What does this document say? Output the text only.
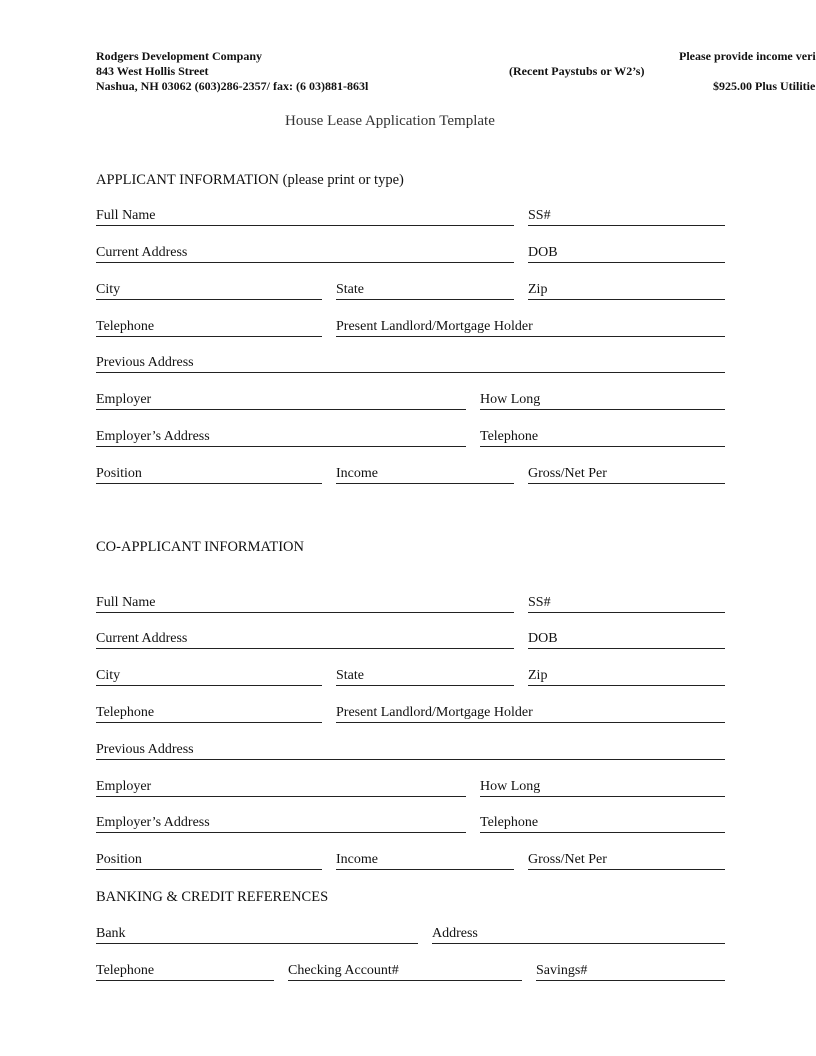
Rodgers Development Company
843 West Hollis Street
Nashua, NH 03062 (603)286-2357/ fax: (6 03)881-863l
Please provide income veri
(Recent Paystubs or W2’s)
$925.00 Plus Utilitie
House Lease Application Template
APPLICANT INFORMATION (please print or type)
Full Name	SS#
Current Address	DOB
City	State	Zip
Telephone	Present Landlord/Mortgage Holder
Previous Address
Employer	How Long
Employer’s Address	Telephone
Position	Income	Gross/Net Per
CO-APPLICANT INFORMATION
Full Name	SS#
Current Address	DOB
City	State	Zip
Telephone	Present Landlord/Mortgage Holder
Previous Address
Employer	How Long
Employer’s Address	Telephone
Position	Income	Gross/Net Per
BANKING & CREDIT REFERENCES
Bank	Address
Telephone	Checking Account#	Savings#
